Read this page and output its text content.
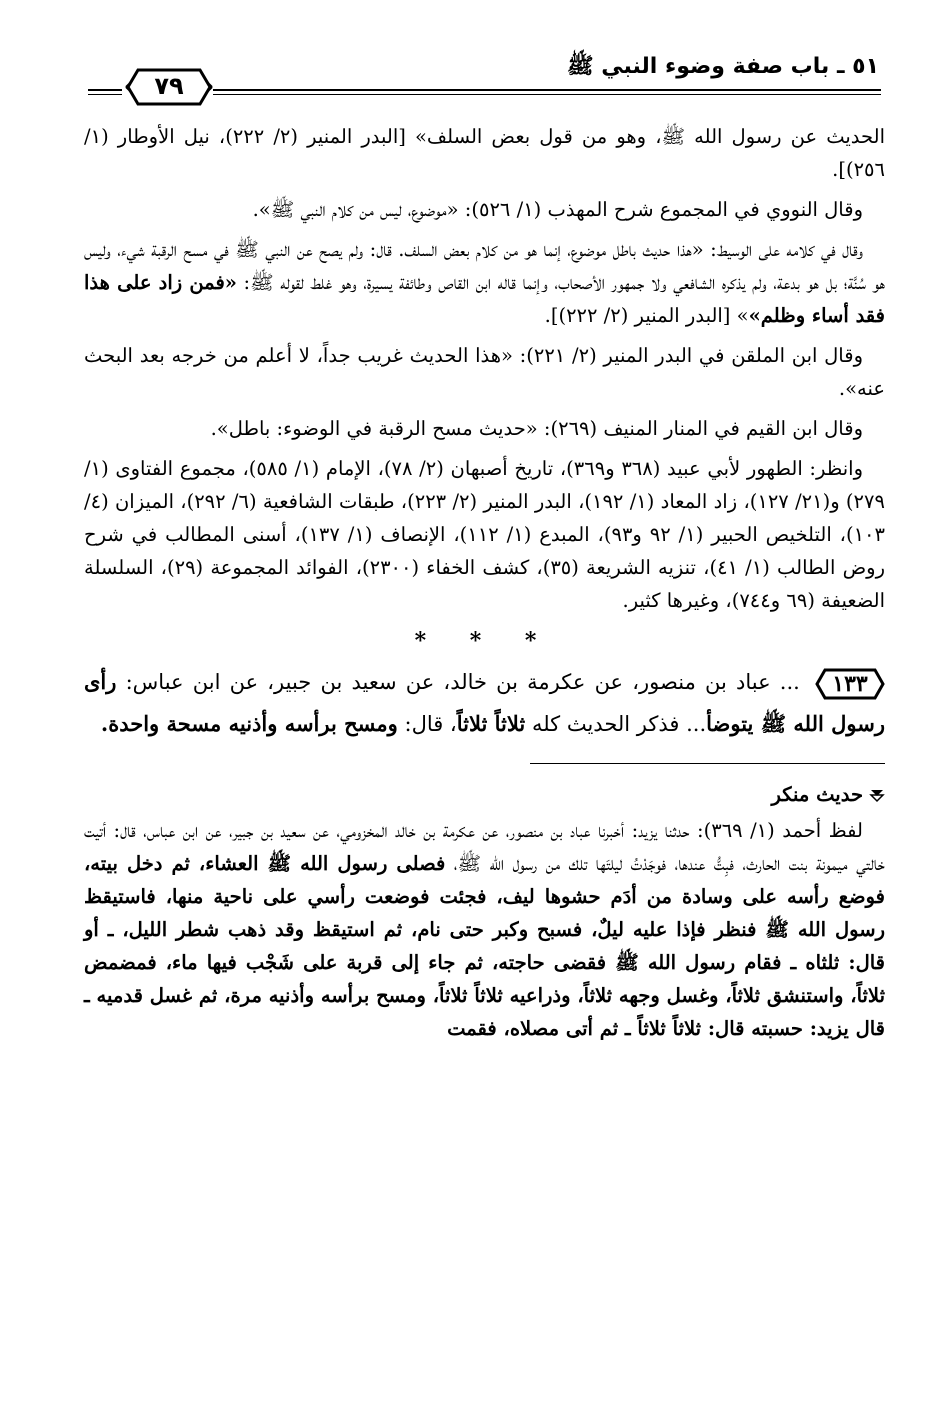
٥١ ـ باب صفة وضوء النبي ﷺ
٧٩

الحديث عن رسول الله ﷺ، وهو من قول بعض السلف» [البدر المنير (٢/ ٢٢٢)، نيل الأوطار (١/ ٢٥٦)].

وقال النووي في المجموع شرح المهذب (١/ ٥٢٦): «موضوع، ليس من كلام النبي ﷺ».

وقال في كلامه على الوسيط: «هذا حديث باطل موضوع، إنما هو من كلام بعض السلف. قال: ولم يصح عن النبي ﷺ في مسح الرقبة شيء، وليس هو سُنَّة؛ بل هو بدعة، ولم يذكره الشافعي ولا جمهور الأصحاب، وإنما قاله ابن القاص وطائفة يسيرة، وهو غلط لقوله ﷺ: «فمن زاد على هذا فقد أساء وظلم»» [البدر المنير (٢/ ٢٢٢)].

وقال ابن الملقن في البدر المنير (٢/ ٢٢١): «هذا الحديث غريب جداً، لا أعلم من خرجه بعد البحث عنه».

وقال ابن القيم في المنار المنيف (٢٦٩): «حديث مسح الرقبة في الوضوء: باطل».

وانظر: الطهور لأبي عبيد (٣٦٨ و٣٦٩)، تاريخ أصبهان (٢/ ٧٨)، الإمام (١/ ٥٨٥)، مجموع الفتاوى (١/ ٢٧٩) و(٢١/ ١٢٧)، زاد المعاد (١/ ١٩٢)، البدر المنير (٢/ ٢٢٣)، طبقات الشافعية (٦/ ٢٩٢)، الميزان (٤/ ١٠٣)، التلخيص الحبير (١/ ٩٢ و٩٣)، المبدع (١/ ١١٢)، الإنصاف (١/ ١٣٧)، أسنى المطالب في شرح روض الطالب (١/ ٤١)، تنزيه الشريعة (٣٥)، كشف الخفاء (٢٣٠٠)، الفوائد المجموعة (٢٩)، السلسلة الضعيفة (٦٩ و٧٤٤)، وغيرها كثير.

* * *

١٣٣
... عباد بن منصور، عن عكرمة بن خالد، عن سعيد بن جبير، عن ابن عباس: رأى رسول الله ﷺ يتوضأ... فذكر الحديث كله ثلاثاً ثلاثاً، قال: ومسح برأسه وأذنيه مسحة واحدة.

حديث منكر

لفظ أحمد (١/ ٣٦٩): حدثنا يزيد: أخبرنا عباد بن منصور، عن عكرمة بن خالد المخزومي، عن سعيد بن جبير، عن ابن عباس، قال: أتيت خالتي ميمونة بنت الحارث، فبِتُّ عندها، فوجَدْتُ ليلتَها تلك من رسول الله ﷺ، فصلى رسول الله ﷺ العشاء، ثم دخل بيته، فوضع رأسه على وسادة من أدَم حشوها ليف، فجئت فوضعت رأسي على ناحية منها، فاستيقظ رسول الله ﷺ فنظر فإذا عليه ليلٌ، فسبح وكبر حتى نام، ثم استيقظ وقد ذهب شطر الليل، ـ أو قال: ثلثاه ـ فقام رسول الله ﷺ فقضى حاجته، ثم جاء إلى قربة على شَجْب فيها ماء، فمضمض ثلاثاً، واستنشق ثلاثاً، وغسل وجهه ثلاثاً، وذراعيه ثلاثاً ثلاثاً، ومسح برأسه وأذنيه مرة، ثم غسل قدميه ـ قال يزيد: حسبته قال: ثلاثاً ثلاثاً ـ ثم أتى مصلاه، فقمت
